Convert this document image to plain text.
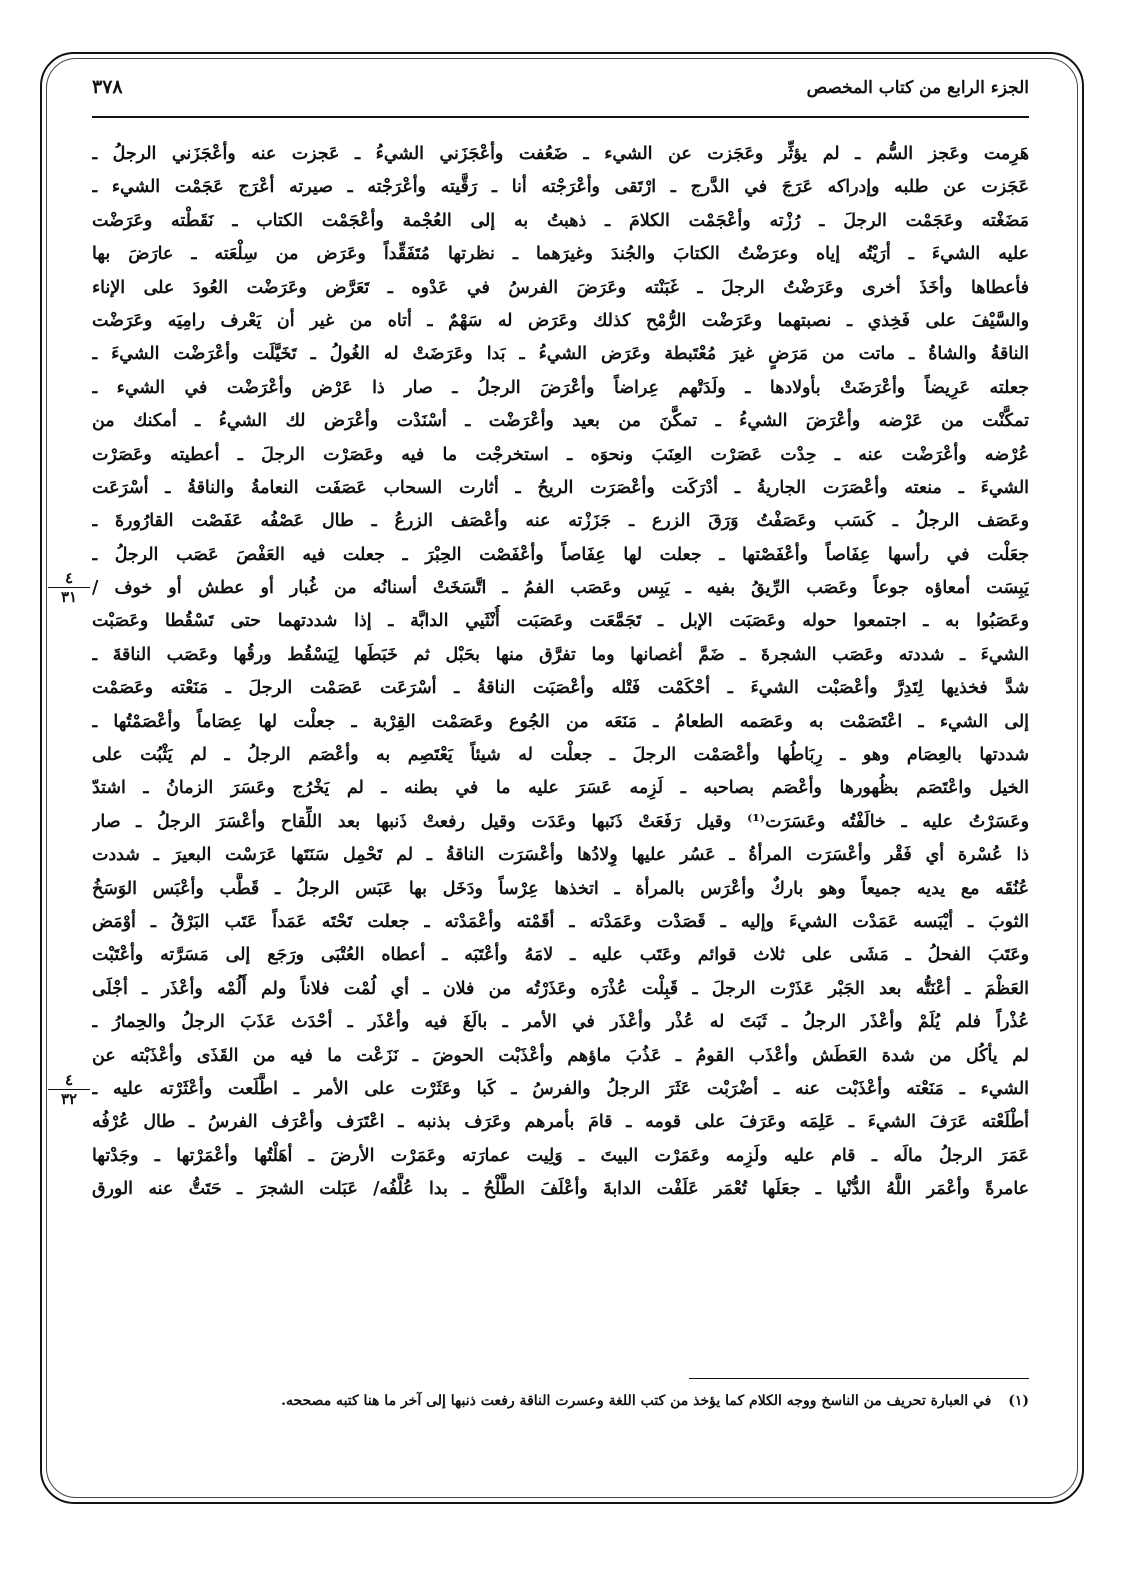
الجزء الرابع من كتاب المخصص
٣٧٨
هَرِمت وعَجز السُّم ـ لم يؤثِّر وعَجَزت عن الشيء ـ ضَعُفت وأعْجَزَني الشيءُ ـ عَجزت عنه وأعْجَزَني الرجلُ ـ
عَجَزت عن طلبه وإدراكه عَرَجَ في الدَّرج ـ ارْتَقى وأعْرَجْته أنا ـ رَقَّيته وأعْرَجْته ـ صيرته أعْرَج عَجَمْت الشيء ـ
مَضَغْته وعَجَمْت الرجلَ ـ رُزْته وأعْجَمْت الكلامَ ـ ذهبتُ به إلى العُجْمة وأعْجَمْت الكتاب ـ نَقَطْته وعَرَضْت
عليه الشيءَ ـ أرَيْتُه إياه وعرَضْتُ الكتابَ والجُندَ وغيرَهما ـ نظرتها مُتَفَقِّداً وعَرَض من سِلْعَته ـ عارَضَ بها
فأعطاها وأخَذَ أخرى وعَرَضْتُ الرجلَ ـ غَبَنْته وعَرَضَ الفرسُ في عَدْوه ـ تَعَرَّض وعَرَضْت العُودَ على الإناء
والسَّيْفَ على فَخِذي ـ نصبتهما وعَرَضْت الرُّمْح كذلك وعَرَض له سَهْمٌ ـ أتاه من غير أن يَعْرف رامِيَه وعَرَضْت
الناقةُ والشاةُ ـ ماتت من مَرَضٍ غيرَ مُعْتَبطة وعَرَض الشيءُ ـ بَدا وعَرَضَتْ له الغُولُ ـ تَخَيَّلَت وأعْرَضْت الشيءَ ـ
جعلته عَرِيضاً وأعْرَضَتْ بأولادها ـ ولَدَتْهم عِراضاً وأعْرَضَ الرجلُ ـ صار ذا عَرْض وأعْرَضْت في الشيء ـ
تمكَّنْت من عَرْضه وأعْرَضَ الشيءُ ـ تمكَّنَ من بعيد وأعْرَضْت ـ أسْنَدْت وأعْرَض لك الشيءُ ـ أمكنك من
عُرْضه وأعْرَضْت عنه ـ حِدْت عَصَرْت العِنَبَ ونحوَه ـ استخرجْت ما فيه وعَصَرْت الرجلَ ـ أعطيته وعَصَرْت
الشيءَ ـ منعته وأعْصَرَت الجاريةُ ـ أدْرَكَت وأعْصَرَت الريحُ ـ أثارت السحاب عَصَفَت النعامةُ والناقةُ ـ أسْرَعَت
وعَصَف الرجلُ ـ كَسَب وعَصَفْتُ وَرَقَ الزرع ـ جَزَزْته عنه وأعْصَف الزرعُ ـ طال عَصْفُه عَفَصْت القارُورةَ ـ
جعَلْت في رأسها عِفَاصاً وأعْفَصْتها ـ جعلت لها عِفَاصاً وأعْفَصْت الحِبْرَ ـ جعلت فيه العَفْصَ عَصَب الرجلُ ـ
يَبِسَت أمعاؤه جوعاً وعَصَب الرِّيقُ بفيه ـ يَبِس وعَصَب الفمُ ـ اتَّسَخَتْ أسنانُه من غُبار أو عطش أو خوف /
وعَصَبُوا به ـ اجتمعوا حوله وعَصَبَت الإبل ـ تَجَمَّعَت وعَصَبَت أُنْثَيي الدابَّة ـ إذا شددتهما حتى تَسْقُطا وعَصَبْت
الشيءَ ـ شددته وعَصَب الشجرةَ ـ ضَمَّ أغصانها وما تفرَّق منها بحَبْل ثم خَبَطَها لِيَسْقُط ورقُها وعَصَب الناقةَ ـ
شدَّ فخذيها لِتَدِرَّ وأعْصَبْت الشيءَ ـ أحْكَمْت فَتْله وأعْصَبَت الناقةُ ـ أسْرَعَت عَصَمْت الرجلَ ـ مَنَعْته وعَصَمْت
إلى الشيء ـ اعْتَصَمْت به وعَصَمه الطعامُ ـ مَنَعَه من الجُوع وعَصَمْت القِرْبة ـ جعلْت لها عِصَاماً وأعْصَمْتُها ـ
شددتها بالعِصَام وهو ـ رِبَاطُها وأعْصَمْت الرجلَ ـ جعلْت له شيئاً يَعْتَصِم به وأعْصَم الرجلُ ـ لم يَثْبُت على
الخيل واعْتَصَم بظُهورها وأعْصَم بصاحبه ـ لَزِمه عَسَرَ عليه ما في بطنه ـ لم يَخْرُج وعَسَرَ الزمانُ ـ اشتدّ
وعَسَرْتُ عليه ـ خالَفْتُه وعَسَرَت⁽¹⁾ وقيل رَفَعَتْ ذَنَبها وعَدَت وقيل رفعتْ ذَنبها بعد اللِّقاح وأعْسَرَ الرجلُ ـ صار
ذا عُسْرة أي فَقْر وأعْسَرَت المرأةُ ـ عَسُر عليها وِلادُها وأعْسَرَت الناقةُ ـ لم تَحْمِل سَنَتَها عَرَسْت البعيرَ ـ شددت
عُنُقَه مع يديه جميعاً وهو باركٌ وأعْرَس بالمرأة ـ اتخذها عِرْساً ودَخَل بها عَبَس الرجلُ ـ قَطَّب وأعْبَس الوَسَخُ
الثوبَ ـ أيْبَسه عَمَدْت الشيءَ وإليه ـ قَصَدْت وعَمَدْته ـ أقَمْته وأعْمَدْته ـ جعلت تَحْتَه عَمَداً عَتَب البَرْقُ ـ أوْمَض
وعَتَبَ الفحلُ ـ مَشَى على ثلاث قوائم وعَتَب عليه ـ لامَهُ وأعْتَبَه ـ أعطاه العُتْبَى ورَجَع إلى مَسَرَّته وأعْتَبْت
العَظْمَ ـ أعْنَتُّه بعد الجَبْر عَذَرْت الرجلَ ـ قَبِلْت عُذْرَه وعَذَرْتُه من فلان ـ أي لُمْت فلاناً ولم أَلُمْه وأعْذَر ـ أجْلَى
عُذْراً فلم يُلَمْ وأعْذَر الرجلُ ـ ثَبَتَ له عُذْر وأعْذَر في الأمر ـ بالَغَ فيه وأعْذَر ـ أحْدَث عَذَبَ الرجلُ والحِمارُ ـ
لم يأكُل من شدة العَطَش وأعْذَب القومُ ـ عَذُبَ ماؤهم وأعْذَبْت الحوضَ ـ نَزَعْت ما فيه من القَذَى وأعْذَبْته عن
الشيء ـ مَنَعْته وأعْذَبْت عنه ـ أضْرَبْت عَثَرَ الرجلُ والفرسُ ـ كَبا وعَثَرْت على الأمر ـ اطَّلَعت وأعْثَرْته عليه ـ
أطْلَعْته عَرَفَ الشيءَ ـ عَلِمَه وعَرَفَ على قومه ـ قامَ بأمرهم وعَرَف بذنبه ـ اعْتَرَف وأعْرَف الفرسُ ـ طال عُرْفُه
عَمَرَ الرجلُ مالَه ـ قام عليه ولَزِمه وعَمَرْت البيتَ ـ وَلِيت عمارَته وعَمَرْت الأرضَ ـ أهَلْتُها وأعْمَرْتها ـ وجَدْتها
عامرةً وأعْمَر اللَّهُ الدُّنْيا ـ جعَلَها تُعْمَر عَلَفْت الدابةَ وأعْلَفَ الطَّلْحُ ـ بدا عُلَّفُه/ عَبَلت الشجرَ ـ حَتَتُّ عنه الورق
٤
٣١
٤
٣٢
(١) في العبارة تحريف من الناسخ ووجه الكلام كما يؤخذ من كتب اللغة وعسرت الناقة رفعت ذنبها إلى آخر ما هنا كتبه مصححه.
